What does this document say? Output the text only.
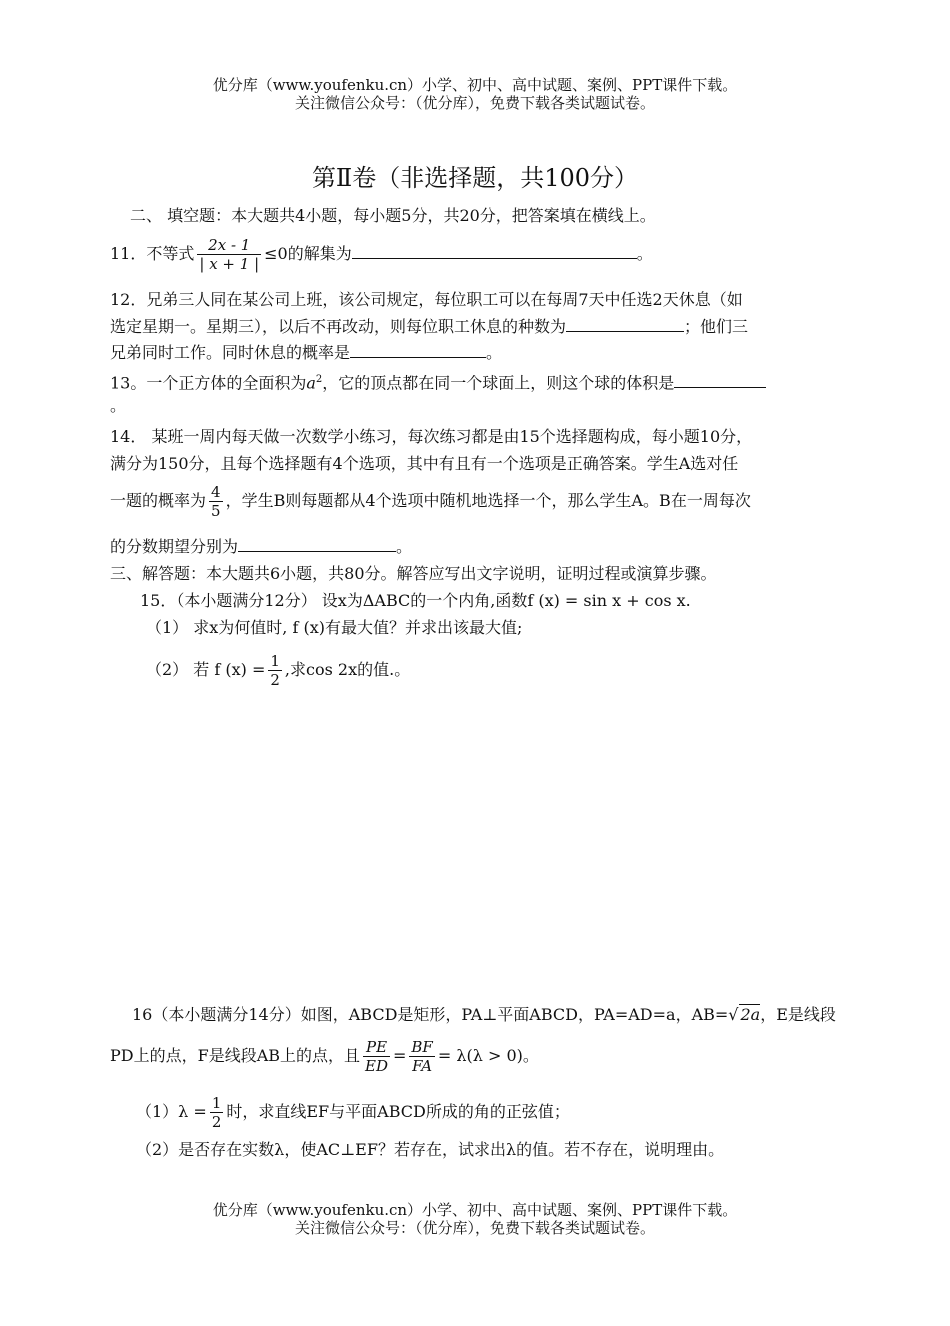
优分库（www.youfenku.cn）小学、初中、高中试题、案例、PPT课件下载。
关注微信公众号：（优分库），免费下载各类试题试卷。
第Ⅱ卷（非选择题，共100分）
二、 填空题：本大题共4小题，每小题5分，共20分，把答案填在横线上。
11．不等式 $\frac{2x - 1}{| x + 1 |} \le 0$的解集为	。
12．兄弟三人同在某公司上班，该公司规定，每位职工可以在每周7天中任选2天休息（如
选定星期一。星期三），以后不再改动，则每位职工休息的种数为	；他们三
兄弟同时工作。同时休息的概率是	。
13。一个正方体的全面积为$a^2$，它的顶点都在同一个球面上，则这个球的体积是
。
14． 某班一周内每天做一次数学小练习，每次练习都是由15个选择题构成，每小题10分，
满分为150分，且每个选择题有4个选项，其中有且有一个选项是正确答案。学生A选对任
一题的概率为 $\frac{4}{5}$ ，学生B则每题都从4个选项中随机地选择一个，那么学生A。B在一周每次
的分数期望分别为	。
三、解答题：本大题共6小题，共80分。解答应写出文字说明，证明过程或演算步骤。
15．（本小题满分12分） 设x为ΔABC的一个内角,函数f (x) = sin x + cos x.
（1） 求x为何值时, f (x)有最大值？并求出该最大值;
（2） 若 f $(x) = \frac{1}{2}$ ,求cos 2x的值.。
16（本小题满分14分）如图，ABCD是矩形，PA⊥平面ABCD，PA=AD=a，AB=√ 2a，E是线段
PD上的点，F是线段AB上的点，且 $\frac{PE}{ED} = \frac{BF}{FA} = \lambda(\lambda > 0)$。
$(1)\lambda = \frac{1}{2}$ 时，求直线EF与平面ABCD所成的角的正弦值；
（2）是否存在实数λ，使AC⊥EF？若存在，试求出λ的值。若不存在，说明理由。
优分库（www.youfenku.cn）小学、初中、高中试题、案例、PPT课件下载。
关注微信公众号：（优分库），免费下载各类试题试卷。
